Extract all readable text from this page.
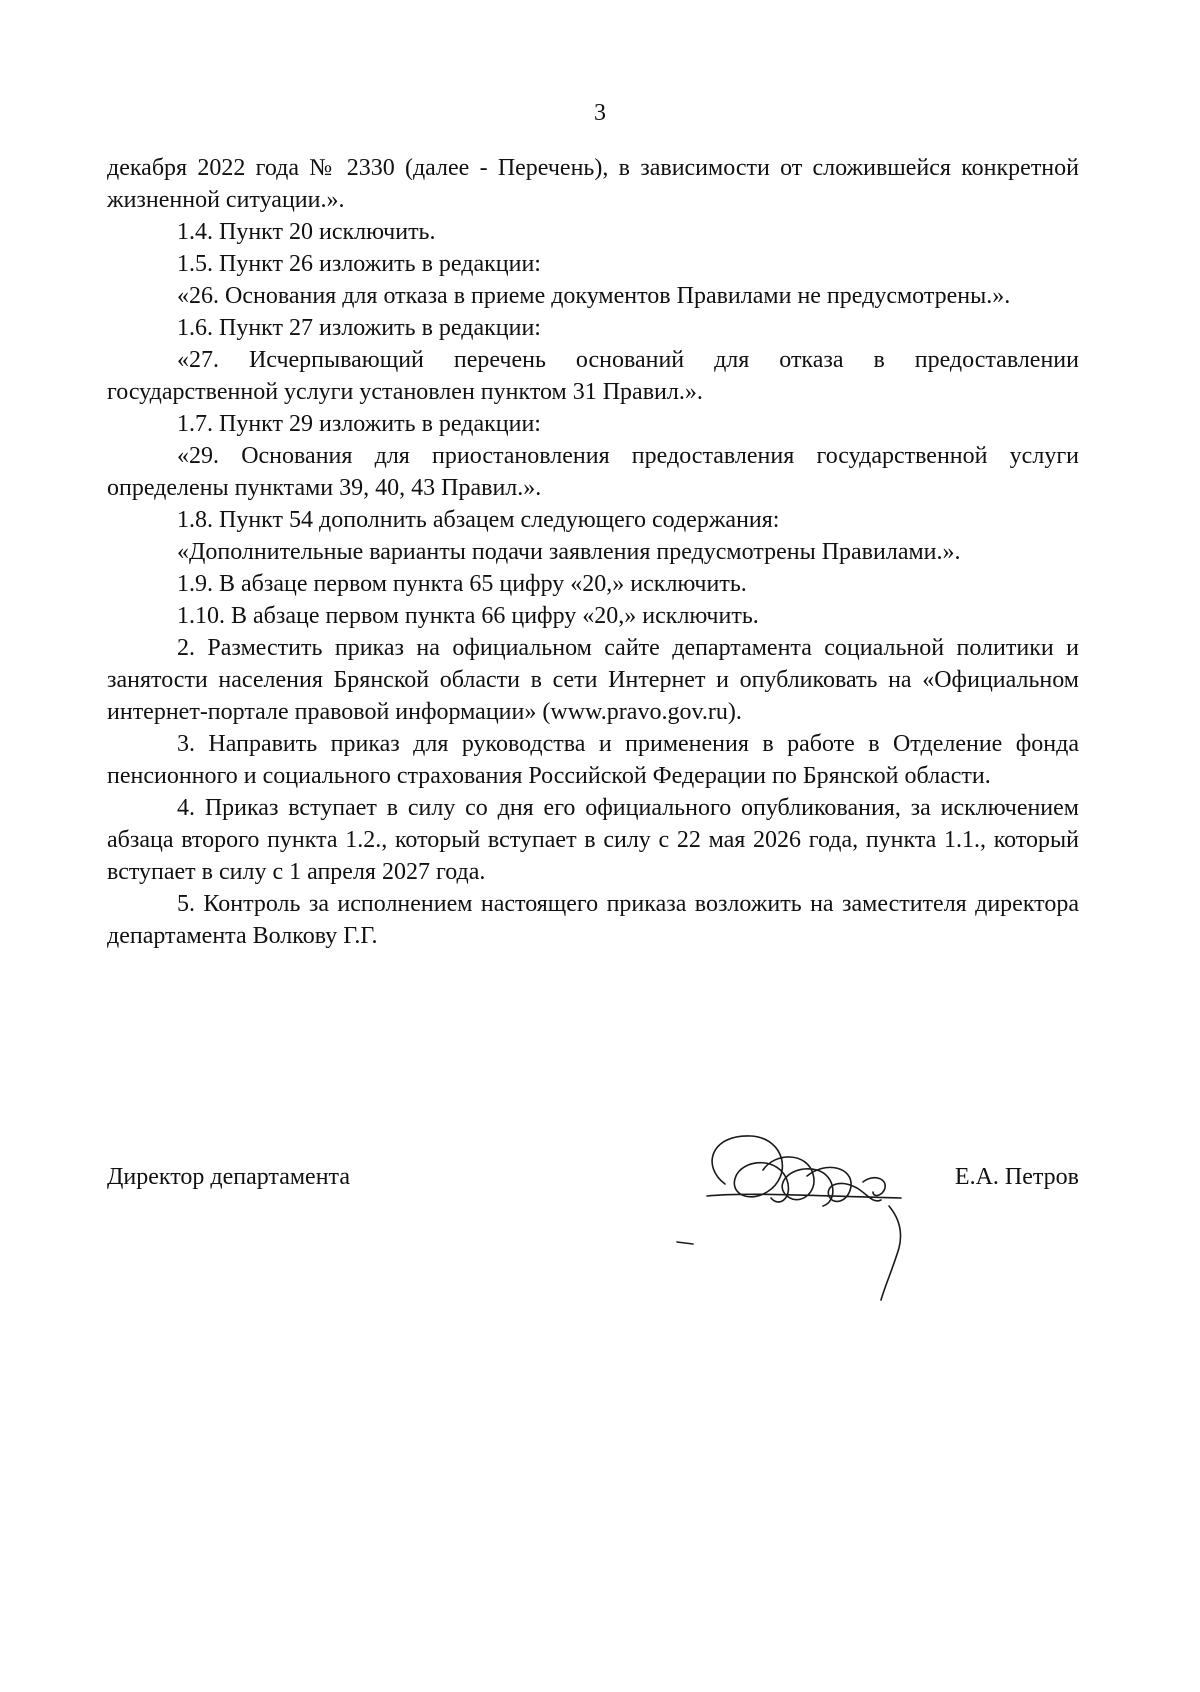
3

декабря 2022 года № 2330 (далее - Перечень), в зависимости от сложившейся конкретной жизненной ситуации.».

1.4. Пункт 20 исключить.

1.5. Пункт 26 изложить в редакции:

«26. Основания для отказа в приеме документов Правилами не предусмотрены.».

1.6. Пункт 27 изложить в редакции:

«27. Исчерпывающий перечень оснований для отказа в предоставлении государственной услуги установлен пунктом 31 Правил.».

1.7. Пункт 29 изложить в редакции:

«29. Основания для приостановления предоставления государственной услуги определены пунктами 39, 40, 43 Правил.».

1.8. Пункт 54 дополнить абзацем следующего содержания:

«Дополнительные варианты подачи заявления предусмотрены Правилами.».

1.9. В абзаце первом пункта 65 цифру «20,» исключить.

1.10. В абзаце первом пункта 66 цифру «20,» исключить.

2. Разместить приказ на официальном сайте департамента социальной политики и занятости населения Брянской области в сети Интернет и опубликовать на «Официальном интернет-портале правовой информации» (www.pravo.gov.ru).

3. Направить приказ для руководства и применения в работе в Отделение фонда пенсионного и социального страхования Российской Федерации по Брянской области.

4. Приказ вступает в силу со дня его официального опубликования, за исключением абзаца второго пункта 1.2., который вступает в силу с 22 мая 2026 года, пункта 1.1., который вступает в силу с 1 апреля 2027 года.

5. Контроль за исполнением настоящего приказа возложить на заместителя директора департамента Волкову Г.Г.

Директор департамента	Е.А. Петров
